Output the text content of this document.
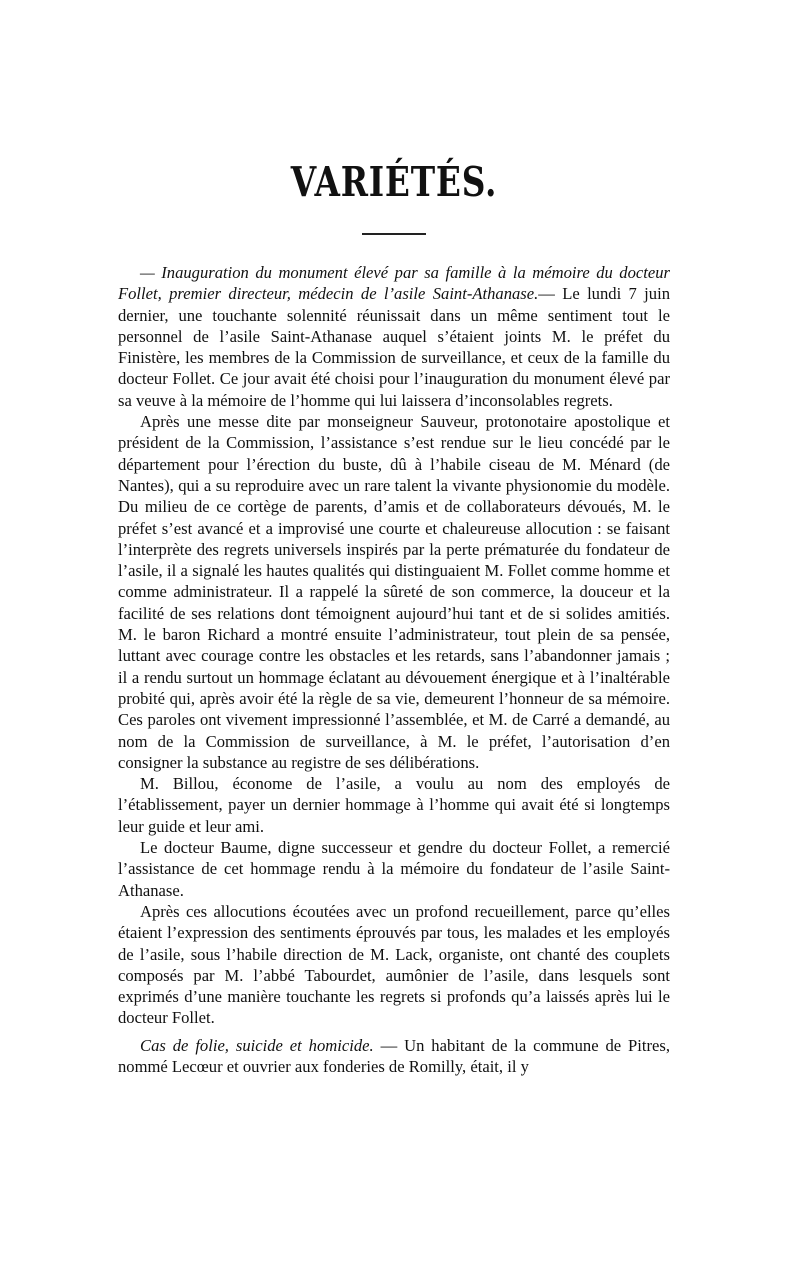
VARIÉTÉS.

— Inauguration du monument élevé par sa famille à la mémoire du docteur Follet, premier directeur, médecin de l’asile Saint-Athanase.— Le lundi 7 juin dernier, une touchante solennité réunissait dans un même sentiment tout le personnel de l’asile Saint-Athanase auquel s’étaient joints M. le préfet du Finistère, les membres de la Commission de surveillance, et ceux de la famille du docteur Follet. Ce jour avait été choisi pour l’inauguration du monument élevé par sa veuve à la mémoire de l’homme qui lui laissera d’inconsolables regrets.

Après une messe dite par monseigneur Sauveur, protonotaire apostolique et président de la Commission, l’assistance s’est rendue sur le lieu concédé par le département pour l’érection du buste, dû à l’habile ciseau de M. Ménard (de Nantes), qui a su reproduire avec un rare talent la vivante physionomie du modèle. Du milieu de ce cortège de parents, d’amis et de collaborateurs dévoués, M. le préfet s’est avancé et a improvisé une courte et chaleureuse allocution : se faisant l’interprète des regrets universels inspirés par la perte prématurée du fondateur de l’asile, il a signalé les hautes qualités qui distinguaient M. Follet comme homme et comme administrateur. Il a rappelé la sûreté de son commerce, la douceur et la facilité de ses relations dont témoignent aujourd’hui tant et de si solides amitiés. M. le baron Richard a montré ensuite l’administrateur, tout plein de sa pensée, luttant avec courage contre les obstacles et les retards, sans l’abandonner jamais ; il a rendu surtout un hommage éclatant au dévouement énergique et à l’inaltérable probité qui, après avoir été la règle de sa vie, demeurent l’honneur de sa mémoire. Ces paroles ont vivement impressionné l’assemblée, et M. de Carré a demandé, au nom de la Commission de surveillance, à M. le préfet, l’autorisation d’en consigner la substance au registre de ses délibérations.

M. Billou, économe de l’asile, a voulu au nom des employés de l’établissement, payer un dernier hommage à l’homme qui avait été si longtemps leur guide et leur ami.

Le docteur Baume, digne successeur et gendre du docteur Follet, a remercié l’assistance de cet hommage rendu à la mémoire du fondateur de l’asile Saint-Athanase.

Après ces allocutions écoutées avec un profond recueillement, parce qu’elles étaient l’expression des sentiments éprouvés par tous, les malades et les employés de l’asile, sous l’habile direction de M. Lack, organiste, ont chanté des couplets composés par M. l’abbé Tabourdet, aumônier de l’asile, dans lesquels sont exprimés d’une manière touchante les regrets si profonds qu’a laissés après lui le docteur Follet.

Cas de folie, suicide et homicide. — Un habitant de la commune de Pitres, nommé Lecœur et ouvrier aux fonderies de Romilly, était, il y
